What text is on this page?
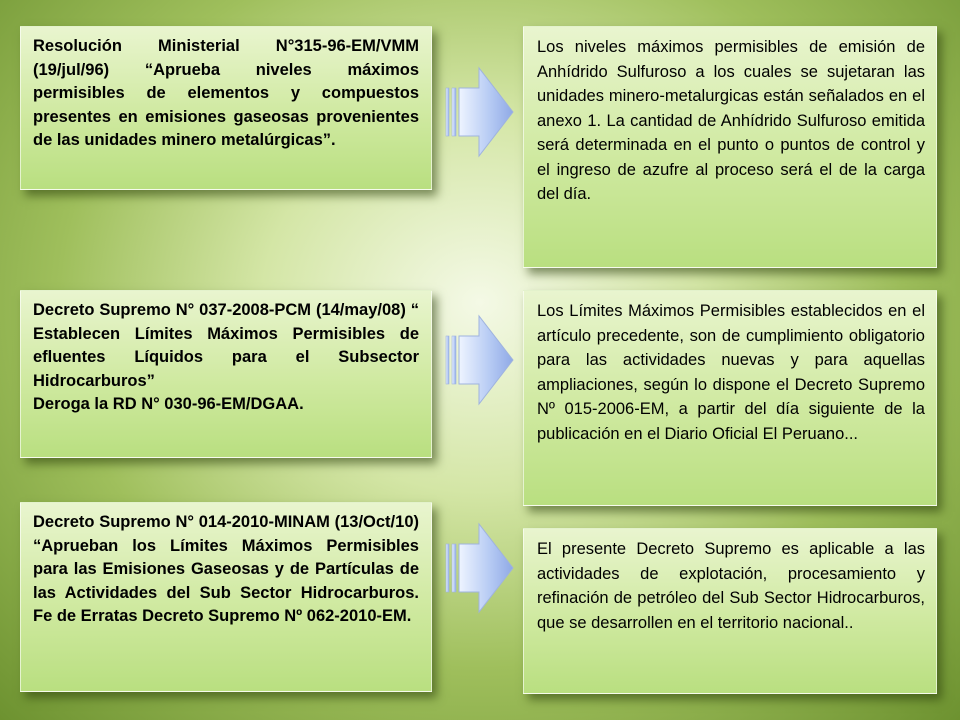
Resolución Ministerial N°315-96-EM/VMM (19/jul/96) “Aprueba niveles máximos permisibles de elementos y compuestos presentes en emisiones gaseosas provenientes de las unidades minero metalúrgicas”.

Los niveles máximos permisibles de emisión de Anhídrido Sulfuroso a los cuales se sujetaran las unidades minero-metalurgicas están señalados en el anexo 1. La cantidad de Anhídrido Sulfuroso emitida será determinada en el punto o puntos de control y el ingreso de azufre al proceso será el de la carga del día.

Decreto Supremo N° 037-2008-PCM (14/may/08) “ Establecen Límites Máximos Permisibles de efluentes Líquidos para el Subsector Hidrocarburos”

Deroga la RD N° 030-96-EM/DGAA.

Los Límites Máximos Permisibles establecidos en el artículo precedente, son de cumplimiento obligatorio para las actividades nuevas y para aquellas ampliaciones, según lo dispone el Decreto Supremo Nº 015-2006-EM, a partir del día siguiente de la publicación en el Diario Oficial El Peruano...

Decreto Supremo N° 014-2010-MINAM (13/Oct/10) “Aprueban los Límites Máximos Permisibles para las Emisiones Gaseosas y de Partículas de las Actividades del Sub Sector Hidrocarburos. Fe de Erratas Decreto Supremo Nº 062-2010-EM.

El presente Decreto Supremo es aplicable a las actividades de explotación, procesamiento y refinación de petróleo del Sub Sector Hidrocarburos, que se desarrollen en el territorio nacional..
